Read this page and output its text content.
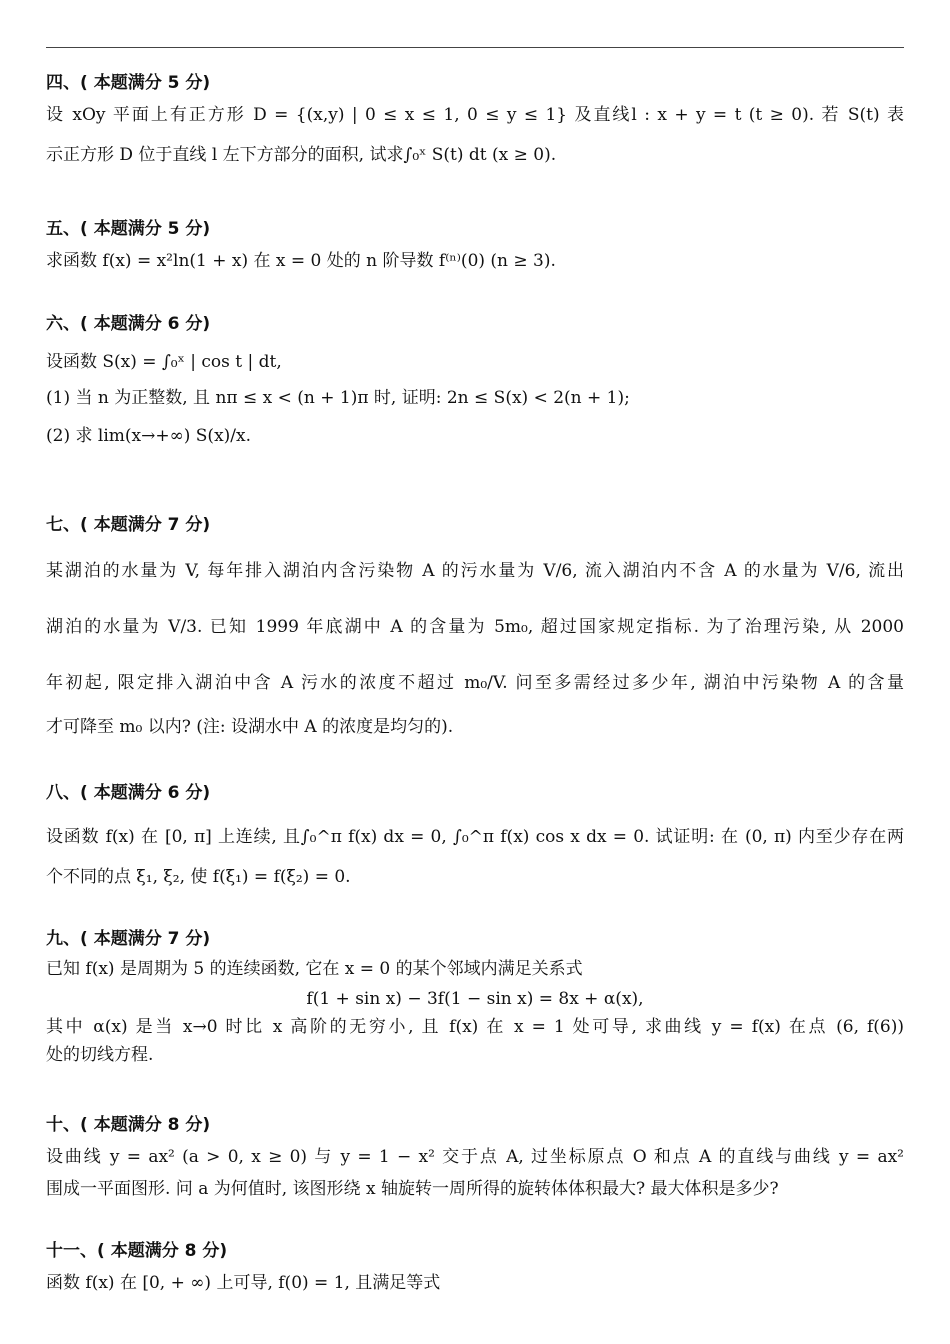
四、( 本题满分 5 分)
设 xOy 平面上有正方形 D = {(x,y) | 0 ≤ x ≤ 1, 0 ≤ y ≤ 1} 及直线l : x + y = t (t ≥ 0). 若 S(t) 表
示正方形 D 位于直线 l 左下方部分的面积, 试求∫₀ˣ S(t) dt (x ≥ 0).
五、( 本题满分 5 分)
求函数 f(x) = x²ln(1 + x) 在 x = 0 处的 n 阶导数 f⁽ⁿ⁾(0) (n ≥ 3).
六、( 本题满分 6 分)
设函数 S(x) = ∫₀ˣ | cos t | dt,
(1) 当 n 为正整数, 且 nπ ≤ x < (n + 1)π 时, 证明: 2n ≤ S(x) < 2(n + 1);
(2) 求 lim(x→+∞) S(x)/x.
七、( 本题满分 7 分)
某湖泊的水量为 V, 每年排入湖泊内含污染物 A 的污水量为 V/6, 流入湖泊内不含 A 的水量为 V/6, 流出
湖泊的水量为 V/3. 已知 1999 年底湖中 A 的含量为 5m₀, 超过国家规定指标. 为了治理污染, 从 2000
年初起, 限定排入湖泊中含 A 污水的浓度不超过 m₀/V. 问至多需经过多少年, 湖泊中污染物 A 的含量
才可降至 m₀ 以内? (注: 设湖水中 A 的浓度是均匀的).
八、( 本题满分 6 分)
设函数 f(x) 在 [0, π] 上连续, 且∫₀^π f(x) dx = 0, ∫₀^π f(x) cos x dx = 0. 试证明: 在 (0, π) 内至少存在两
个不同的点 ξ₁, ξ₂, 使 f(ξ₁) = f(ξ₂) = 0.
九、( 本题满分 7 分)
已知 f(x) 是周期为 5 的连续函数, 它在 x = 0 的某个邻域内满足关系式
f(1 + sin x) − 3f(1 − sin x) = 8x + α(x),
其中 α(x) 是当 x→0 时比 x 高阶的无穷小, 且 f(x) 在 x = 1 处可导, 求曲线 y = f(x) 在点 (6, f(6))
处的切线方程.
十、( 本题满分 8 分)
设曲线 y = ax² (a > 0, x ≥ 0) 与 y = 1 − x² 交于点 A, 过坐标原点 O 和点 A 的直线与曲线 y = ax²
围成一平面图形. 问 a 为何值时, 该图形绕 x 轴旋转一周所得的旋转体体积最大? 最大体积是多少?
十一、( 本题满分 8 分)
函数 f(x) 在 [0, + ∞) 上可导, f(0) = 1, 且满足等式
